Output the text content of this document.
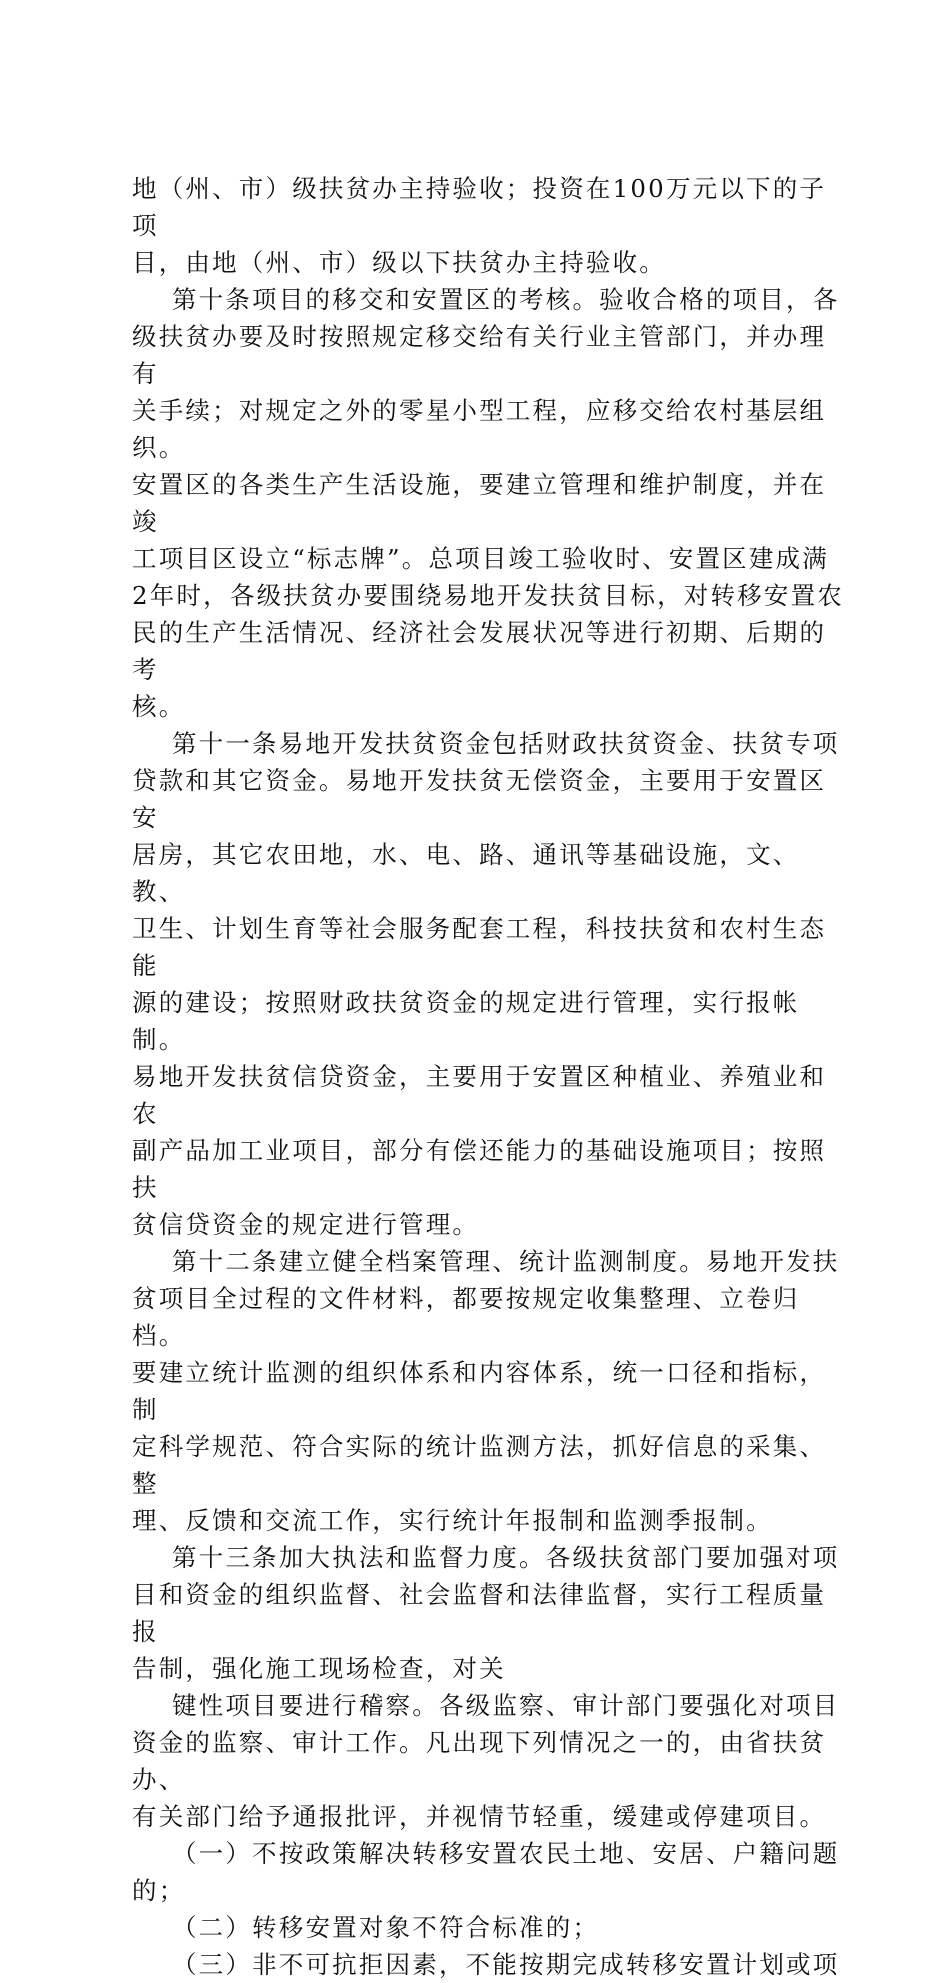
地（州、市）级扶贫办主持验收；投资在100万元以下的子项

目，由地（州、市）级以下扶贫办主持验收。

第十条项目的移交和安置区的考核。验收合格的项目，各

级扶贫办要及时按照规定移交给有关行业主管部门，并办理有

关手续；对规定之外的零星小型工程，应移交给农村基层组织。

安置区的各类生产生活设施，要建立管理和维护制度，并在竣

工项目区设立“标志牌”。总项目竣工验收时、安置区建成满

2年时，各级扶贫办要围绕易地开发扶贫目标，对转移安置农

民的生产生活情况、经济社会发展状况等进行初期、后期的考

核。

第十一条易地开发扶贫资金包括财政扶贫资金、扶贫专项

贷款和其它资金。易地开发扶贫无偿资金，主要用于安置区安

居房，其它农田地，水、电、路、通讯等基础设施，文、教、

卫生、计划生育等社会服务配套工程，科技扶贫和农村生态能

源的建设；按照财政扶贫资金的规定进行管理，实行报帐制。

易地开发扶贫信贷资金，主要用于安置区种植业、养殖业和农

副产品加工业项目，部分有偿还能力的基础设施项目；按照扶

贫信贷资金的规定进行管理。

第十二条建立健全档案管理、统计监测制度。易地开发扶

贫项目全过程的文件材料，都要按规定收集整理、立卷归档。

要建立统计监测的组织体系和内容体系，统一口径和指标，制

定科学规范、符合实际的统计监测方法，抓好信息的采集、整

理、反馈和交流工作，实行统计年报制和监测季报制。

第十三条加大执法和监督力度。各级扶贫部门要加强对项

目和资金的组织监督、社会监督和法律监督，实行工程质量报

告制，强化施工现场检查，对关

键性项目要进行稽察。各级监察、审计部门要强化对项目

资金的监察、审计工作。凡出现下列情况之一的，由省扶贫办、

有关部门给予通报批评，并视情节轻重，缓建或停建项目。

（一）不按政策解决转移安置农民土地、安居、户籍问题

的；

（二）转移安置对象不符合标准的；

（三）非不可抗拒因素，不能按期完成转移安置计划或项
